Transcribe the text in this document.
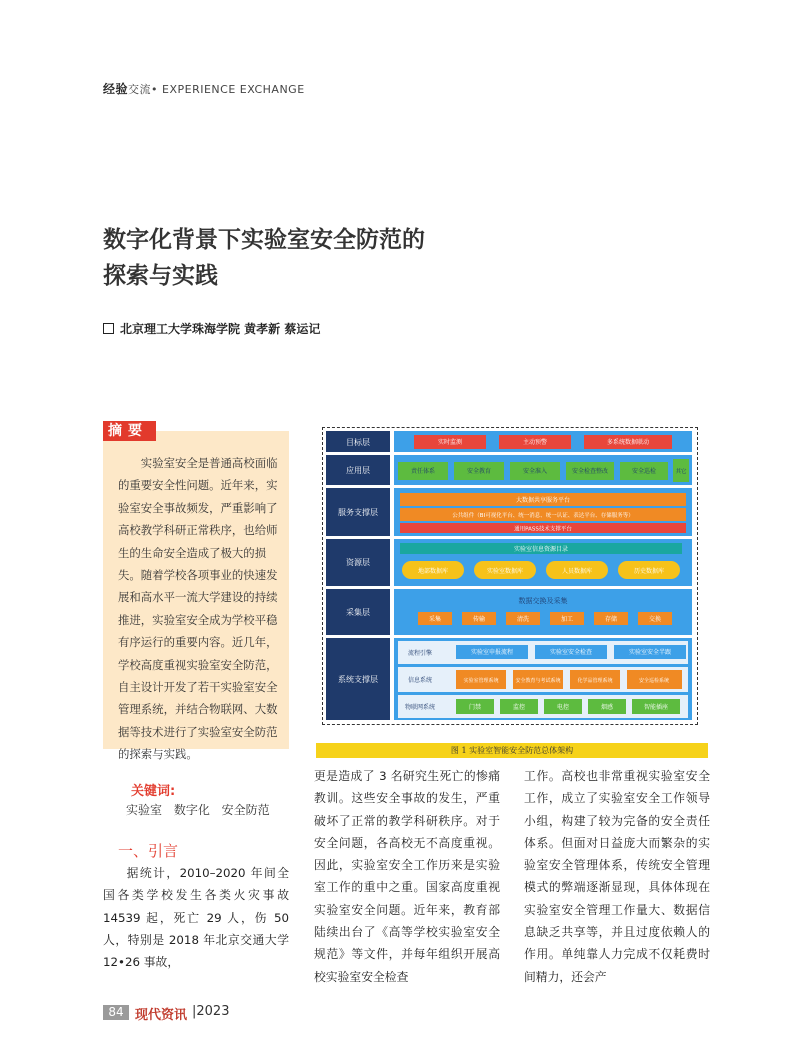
经验交流• EXPERIENCE EXCHANGE
数字化背景下实验室安全防范的
探索与实践
北京理工大学珠海学院 黄孝新 蔡运记
摘要
实验室安全是普通高校面临的重要安全性问题。近年来，实验室安全事故频发，严重影响了高校教学科研正常秩序，也给师生的生命安全造成了极大的损失。随着学校各项事业的快速发展和高水平一流大学建设的持续推进，实验室安全成为学校平稳有序运行的重要内容。近几年，学校高度重视实验室安全防范，自主设计开发了若干实验室安全管理系统，并结合物联网、大数据等技术进行了实验室安全防范的探索与实践。
关键词:
实验室 数字化 安全防范
一、引言
据统计，2010–2020 年间全国各类学校发生各类火灾事故 14539 起，死亡 29 人，伤 50 人，特别是 2018 年北京交通大学 12•26 事故，
更是造成了 3 名研究生死亡的惨痛教训。这些安全事故的发生，严重破坏了正常的教学科研秩序。对于安全问题，各高校无不高度重视。因此，实验室安全工作历来是实验室工作的重中之重。国家高度重视实验室安全问题。近年来，教育部陆续出台了《高等学校实验室安全规范》等文件，并每年组织开展高校实验室安全检查
工作。高校也非常重视实验室安全工作，成立了实验室安全工作领导小组，构建了较为完备的安全责任体系。但面对日益庞大而繁杂的实验室安全管理体系，传统安全管理模式的弊端逐渐显现，具体体现在实验室安全管理工作量大、数据信息缺乏共享等，并且过度依赖人的作用。单纯靠人力完成不仅耗费时间精力，还会产
目标层
应用层
服务支撑层
资源层
采集层
系统支撑层
实时监测	主动预警	多系统数据联动
责任体系	安全教育	安全准入	安全检查整改	安全巡检	其它
大数据共享服务平台
公共组件（BI可视化平台、统一消息、统一认证、表达平台、存储服务等）
通用PASS技术支撑平台
实验室信息资源目录
地部数据库	实验室数据库	人员数据库	历史数据库
数据交换及采集
采集	传输	清洗	加工	存储	交换
流程引擎
信息系统
物联网系统
实验室申报流程	实验室安全检查	实验室安全半跟
实验室管理系统	安全教育与考试系统	化学品管理系统	安全巡检系统
门禁	监控	电控	烟感	智能插座
图 1 实验室智能安全防范总体架构
84 现代资讯 |2023
